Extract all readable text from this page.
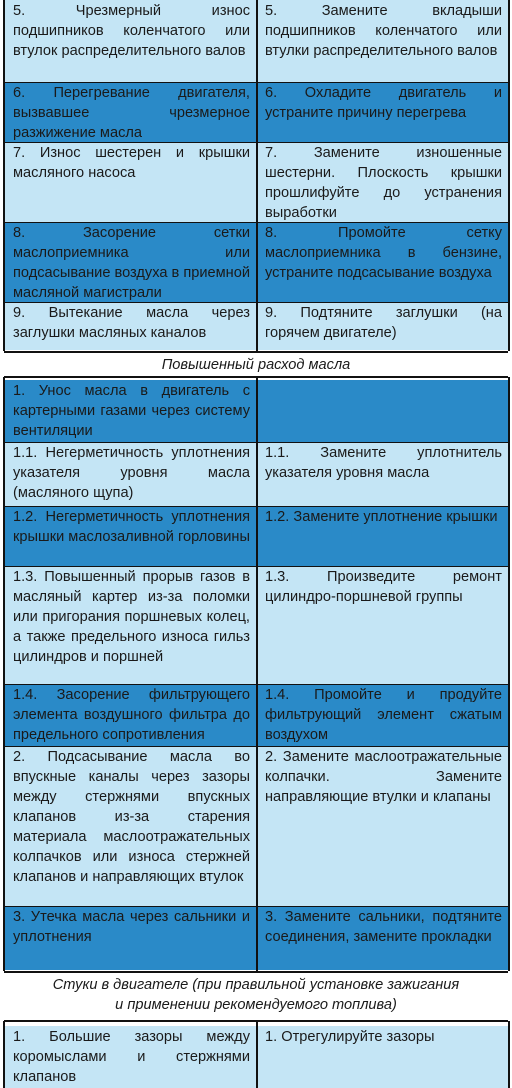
Повышенный расход масла
Стуки в двигателе (при правильной установке зажигания
и применении рекомендуемого топлива)
5. Чрезмерный износ подшипников коленчатого или втулок распределительного валов
5. Замените вкладыши подшипников коленчатого или втулки распределительного валов
6. Перегревание двигателя, вызвавшее чрезмерное разжижение масла
6. Охладите двигатель и устраните причину перегрева
7. Износ шестерен и крышки масляного насоса
7. Замените изношенные шестерни. Плоскость крышки прошлифуйте до устранения выработки
8. Засорение сетки маслоприемника или подсасывание воздуха в приемной масляной магистрали
8. Промойте сетку маслоприемника в бензине, устраните подсасывание воздуха
9. Вытекание масла через заглушки масляных каналов
9. Подтяните заглушки (на горячем двигателе)
1. Унос масла в двигатель с картерными газами через систему вентиляции
1.1. Негерметичность уплотнения указателя уровня масла (масляного щупа)
1.1. Замените уплотнитель указателя уровня масла
1.2. Негерметичность уплотнения крышки маслозаливной горловины
1.2. Замените уплотнение крышки
1.3. Повышенный прорыв газов в масляный картер из-за поломки или пригорания поршневых колец, а также предельного износа гильз цилиндров и поршней
1.3. Произведите ремонт цилиндро-поршневой группы
1.4. Засорение фильтрующего элемента воздушного фильтра до предельного сопротивления
1.4. Промойте и продуйте фильтрующий элемент сжатым воздухом
2. Подсасывание масла во впускные каналы через зазоры между стержнями впускных клапанов из-за старения материала маслоотражательных колпачков или износа стержней клапанов и направляющих втулок
2. Замените маслоотражательные колпачки. Замените направляющие втулки и клапаны
3. Утечка масла через сальники и уплотнения
3. Замените сальники, подтяните соединения, замените прокладки
1. Большие зазоры между коромыслами и стержнями клапанов
1. Отрегулируйте зазоры
